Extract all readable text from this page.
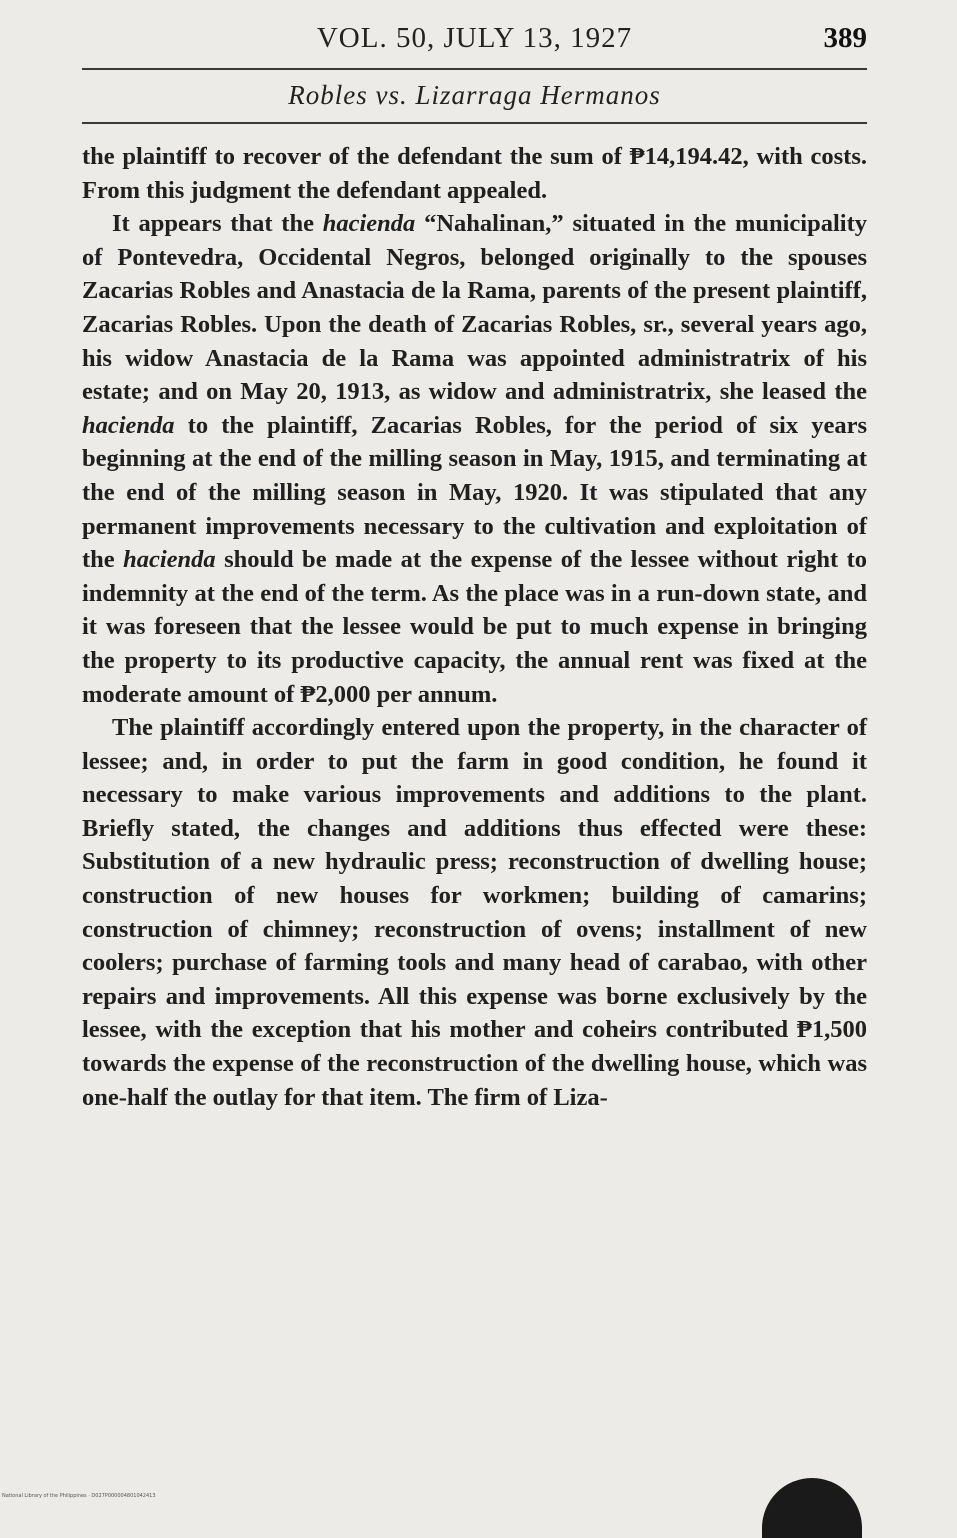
VOL. 50, JULY 13, 1927	389
Robles vs. Lizarraga Hermanos

the plaintiff to recover of the defendant the sum of ₱14,194.42, with costs. From this judgment the defendant appealed.

It appears that the hacienda “Nahalinan,” situated in the municipality of Pontevedra, Occidental Negros, belonged originally to the spouses Zacarias Robles and Anastacia de la Rama, parents of the present plaintiff, Zacarias Robles. Upon the death of Zacarias Robles, sr., several years ago, his widow Anastacia de la Rama was appointed administratrix of his estate; and on May 20, 1913, as widow and administratrix, she leased the hacienda to the plaintiff, Zacarias Robles, for the period of six years beginning at the end of the milling season in May, 1915, and terminating at the end of the milling season in May, 1920. It was stipulated that any permanent improvements necessary to the cultivation and exploitation of the hacienda should be made at the expense of the lessee without right to indemnity at the end of the term. As the place was in a run-down state, and it was foreseen that the lessee would be put to much expense in bringing the property to its productive capacity, the annual rent was fixed at the moderate amount of ₱2,000 per annum.

The plaintiff accordingly entered upon the property, in the character of lessee; and, in order to put the farm in good condition, he found it necessary to make various improvements and additions to the plant. Briefly stated, the changes and additions thus effected were these: Substitution of a new hydraulic press; reconstruction of dwelling house; construction of new houses for workmen; building of camarins; construction of chimney; reconstruction of ovens; installment of new coolers; purchase of farming tools and many head of carabao, with other repairs and improvements. All this expense was borne exclusively by the lessee, with the exception that his mother and coheirs contributed ₱1,500 towards the expense of the reconstruction of the dwelling house, which was one-half the outlay for that item. The firm of Liza-

National Library of the Philippines · D027P000004801042413
